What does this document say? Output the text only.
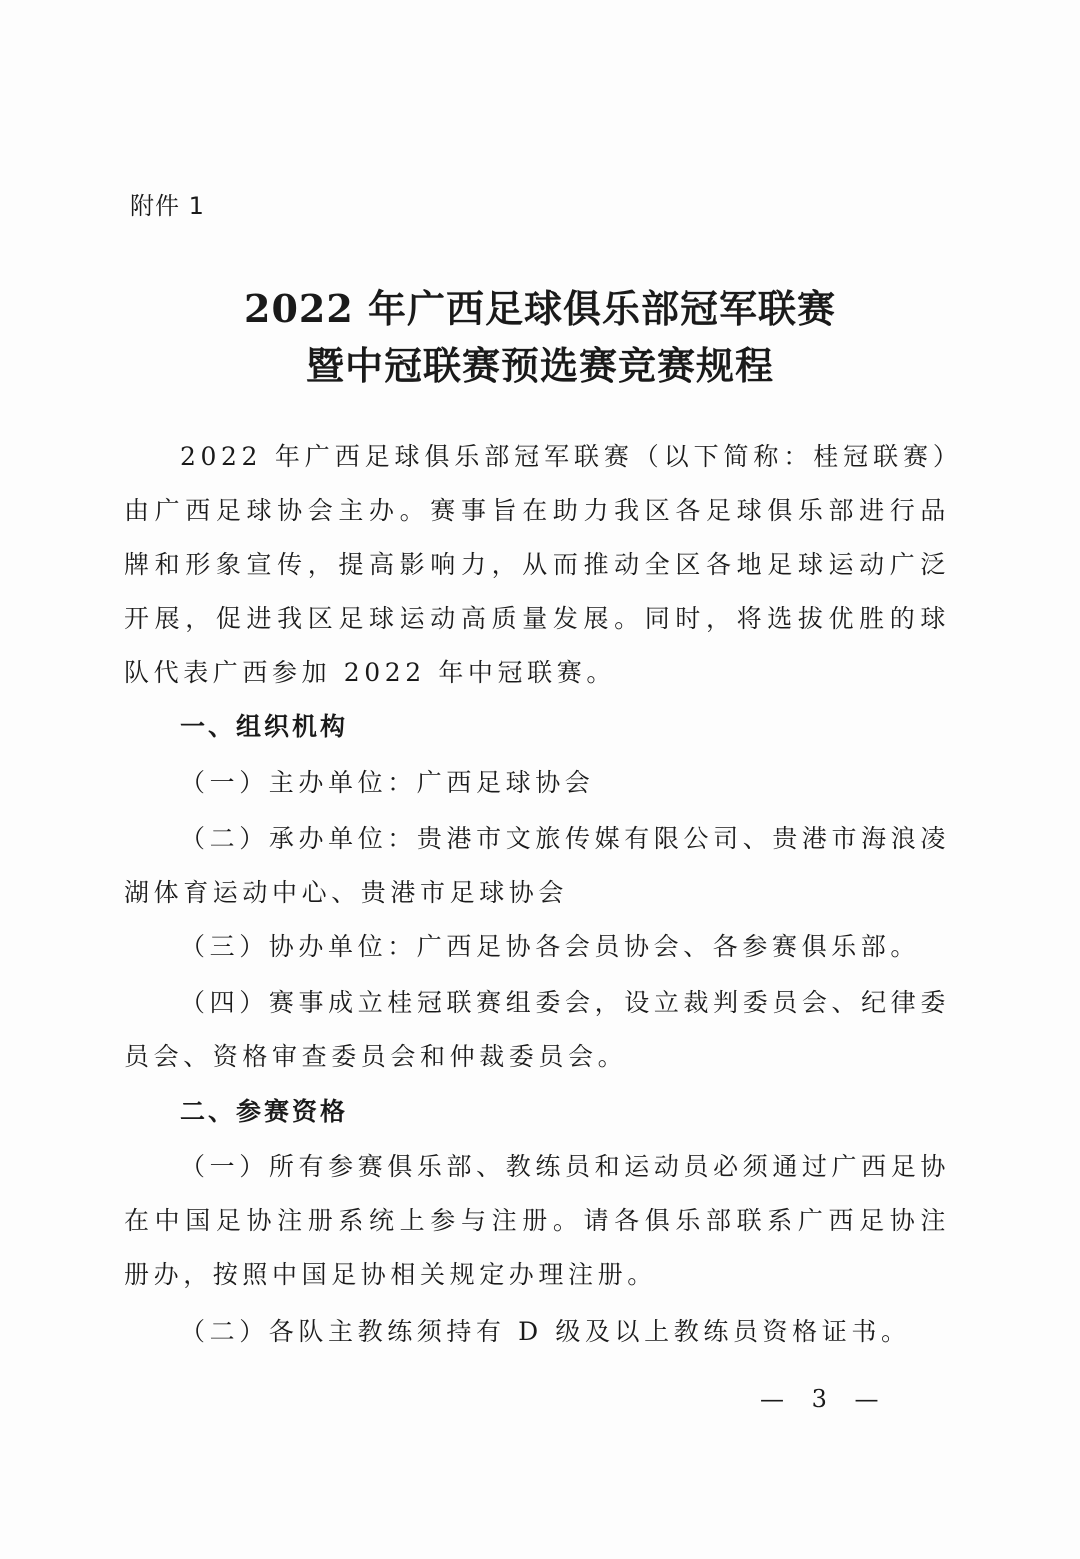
附件 1
2022 年广西足球俱乐部冠军联赛
暨中冠联赛预选赛竞赛规程

2022 年广西足球俱乐部冠军联赛（以下简称：桂冠联赛）由广西足球协会主办。赛事旨在助力我区各足球俱乐部进行品牌和形象宣传，提高影响力，从而推动全区各地足球运动广泛开展，促进我区足球运动高质量发展。同时，将选拔优胜的球队代表广西参加 2022 年中冠联赛。

一、组织机构

（一）主办单位：广西足球协会

（二）承办单位：贵港市文旅传媒有限公司、贵港市海浪凌湖体育运动中心、贵港市足球协会

（三）协办单位：广西足协各会员协会、各参赛俱乐部。

（四）赛事成立桂冠联赛组委会，设立裁判委员会、纪律委员会、资格审查委员会和仲裁委员会。

二、参赛资格

（一）所有参赛俱乐部、教练员和运动员必须通过广西足协在中国足协注册系统上参与注册。请各俱乐部联系广西足协注册办，按照中国足协相关规定办理注册。

（二）各队主教练须持有 D 级及以上教练员资格证书。

— 3 —
